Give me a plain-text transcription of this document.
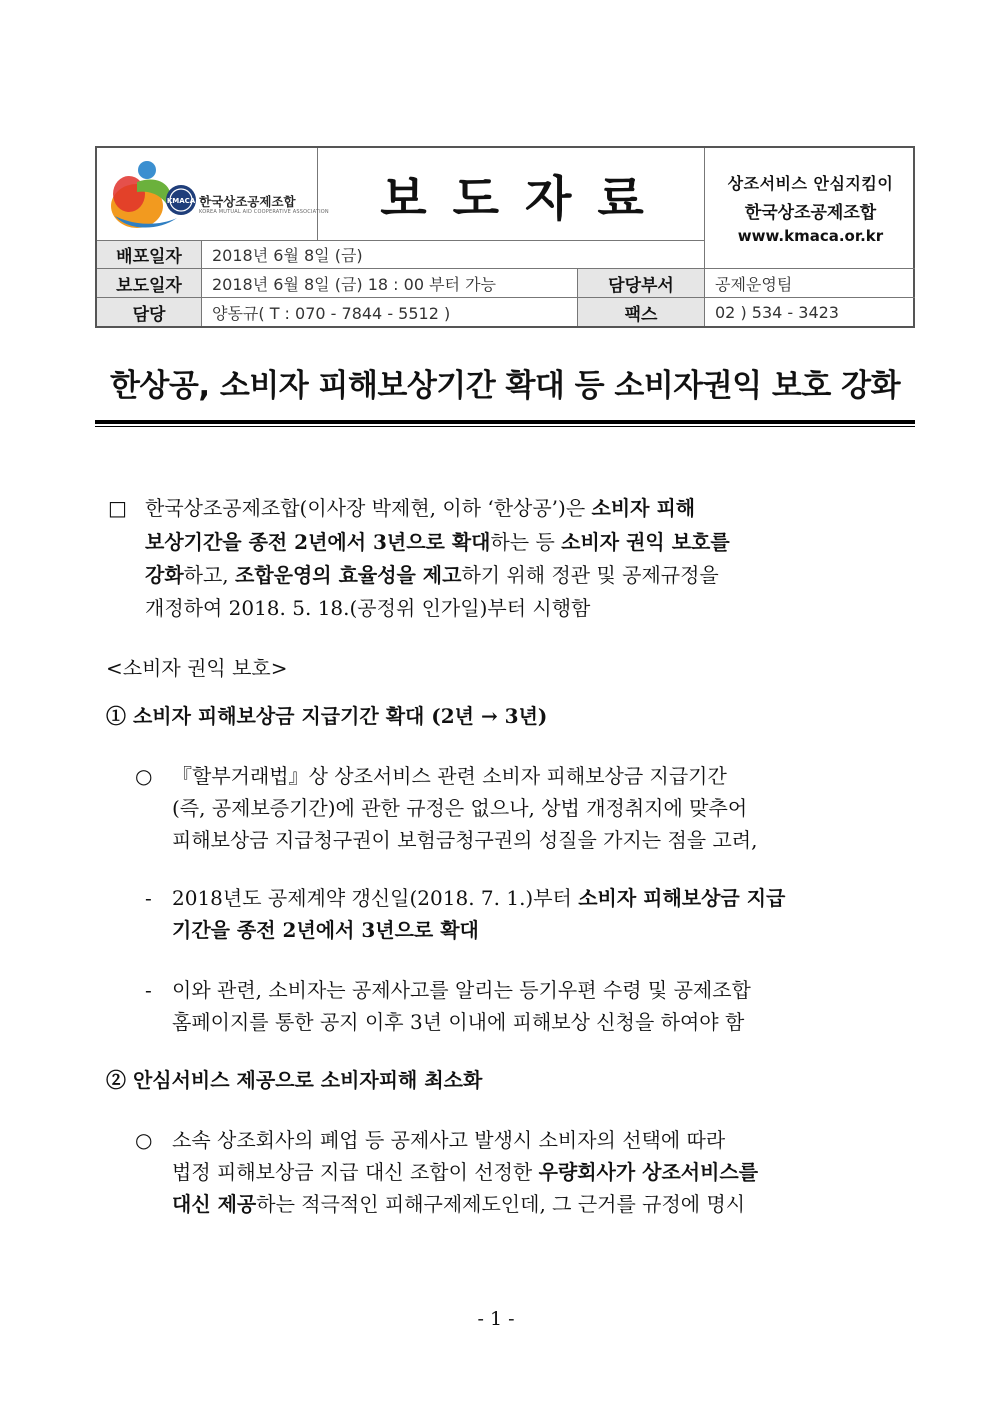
KMACA 한국상조공제조합
KOREA MUTUAL AID COOPERATIVE ASSOCIATION	보도자료	상조서비스 안심지킴이
한국상조공제조합
www.kmaca.or.kr
배포일자	2018년 6월 8일 (금)
보도일자	2018년 6월 8일 (금) 18 : 00 부터 가능	담당부서	공제운영팀
담당	양동규( T : 070 - 7844 - 5512 )	팩스	02 ) 534 - 3423
한상공, 소비자 피해보상기간 확대 등 소비자권익 보호 강화
□ 한국상조공제조합(이사장 박제현, 이하 ‘한상공’)은 소비자 피해
보상기간을 종전 2년에서 3년으로 확대하는 등 소비자 권익 보호를
강화하고, 조합운영의 효율성을 제고하기 위해 정관 및 공제규정을
개정하여 2018. 5. 18.(공정위 인가일)부터 시행함
<소비자 권익 보호>
① 소비자 피해보상금 지급기간 확대 (2년 → 3년)
○ 『할부거래법』상 상조서비스 관련 소비자 피해보상금 지급기간
(즉, 공제보증기간)에 관한 규정은 없으나, 상법 개정취지에 맞추어
피해보상금 지급청구권이 보험금청구권의 성질을 가지는 점을 고려,
- 2018년도 공제계약 갱신일(2018. 7. 1.)부터 소비자 피해보상금 지급
기간을 종전 2년에서 3년으로 확대
- 이와 관련, 소비자는 공제사고를 알리는 등기우편 수령 및 공제조합
홈페이지를 통한 공지 이후 3년 이내에 피해보상 신청을 하여야 함
② 안심서비스 제공으로 소비자피해 최소화
○ 소속 상조회사의 폐업 등 공제사고 발생시 소비자의 선택에 따라
법정 피해보상금 지급 대신 조합이 선정한 우량회사가 상조서비스를
대신 제공하는 적극적인 피해구제제도인데, 그 근거를 규정에 명시
- 1 -
